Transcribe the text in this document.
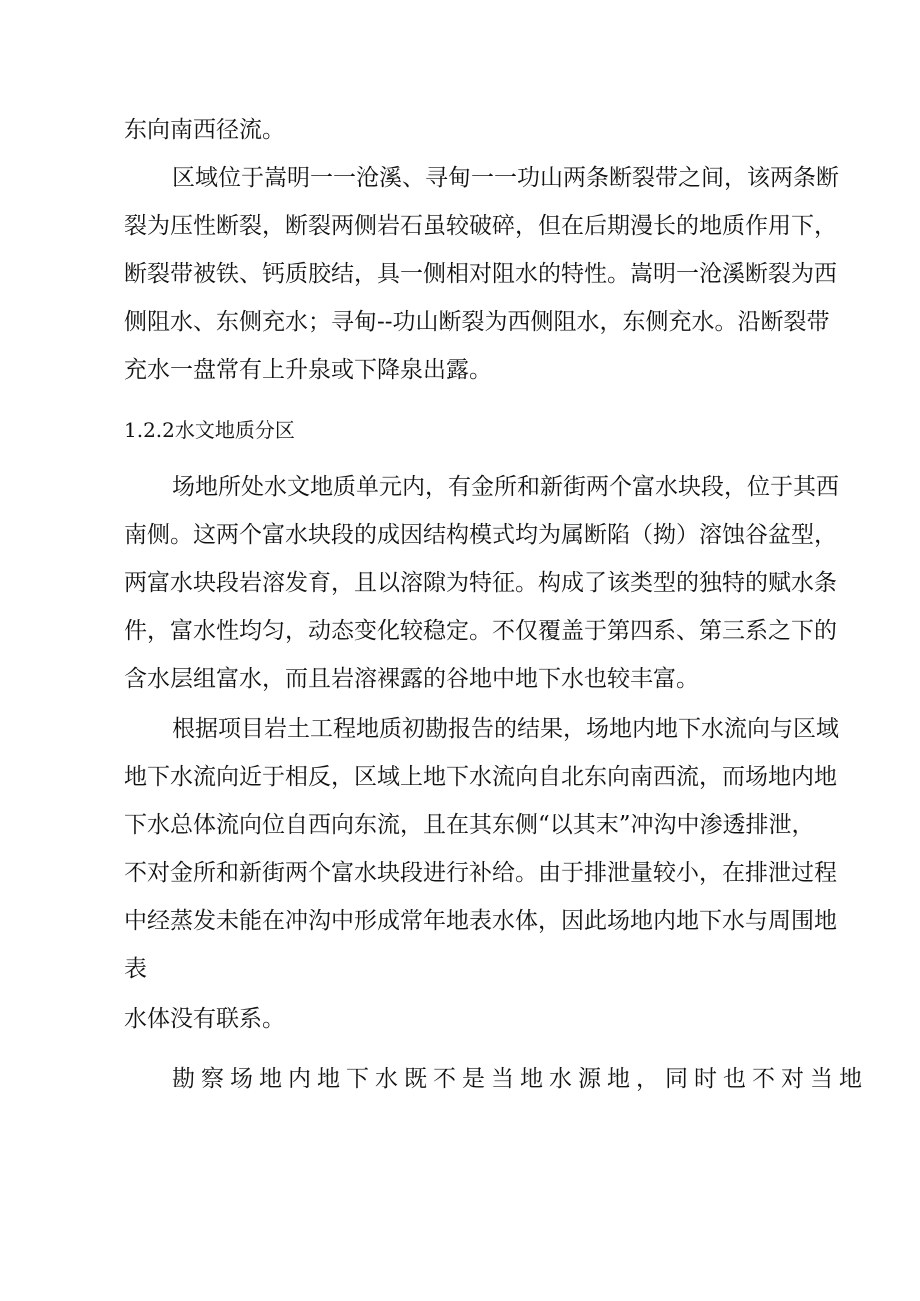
东向南西径流。

区域位于嵩明一一沧溪、寻甸一一功山两条断裂带之间，该两条断

裂为压性断裂，断裂两侧岩石虽较破碎，但在后期漫长的地质作用下，

断裂带被铁、钙质胶结，具一侧相对阻水的特性。嵩明一沧溪断裂为西

侧阻水、东侧充水；寻甸--功山断裂为西侧阻水，东侧充水。沿断裂带

充水一盘常有上升泉或下降泉出露。

1.2.2水文地质分区

场地所处水文地质单元内，有金所和新街两个富水块段，位于其西

南侧。这两个富水块段的成因结构模式均为属断陷（拗）溶蚀谷盆型，

两富水块段岩溶发育，且以溶隙为特征。构成了该类型的独特的赋水条

件，富水性均匀，动态变化较稳定。不仅覆盖于第四系、第三系之下的

含水层组富水，而且岩溶裸露的谷地中地下水也较丰富。

根据项目岩土工程地质初勘报告的结果，场地内地下水流向与区域

地下水流向近于相反，区域上地下水流向自北东向南西流，而场地内地

下水总体流向位自西向东流，且在其东侧“以其末”冲沟中渗透排泄，

不对金所和新街两个富水块段进行补给。由于排泄量较小，在排泄过程

中经蒸发未能在冲沟中形成常年地表水体，因此场地内地下水与周围地

表

水体没有联系。

勘察场地内地下水既不是当地水源地，同时也不对当地
